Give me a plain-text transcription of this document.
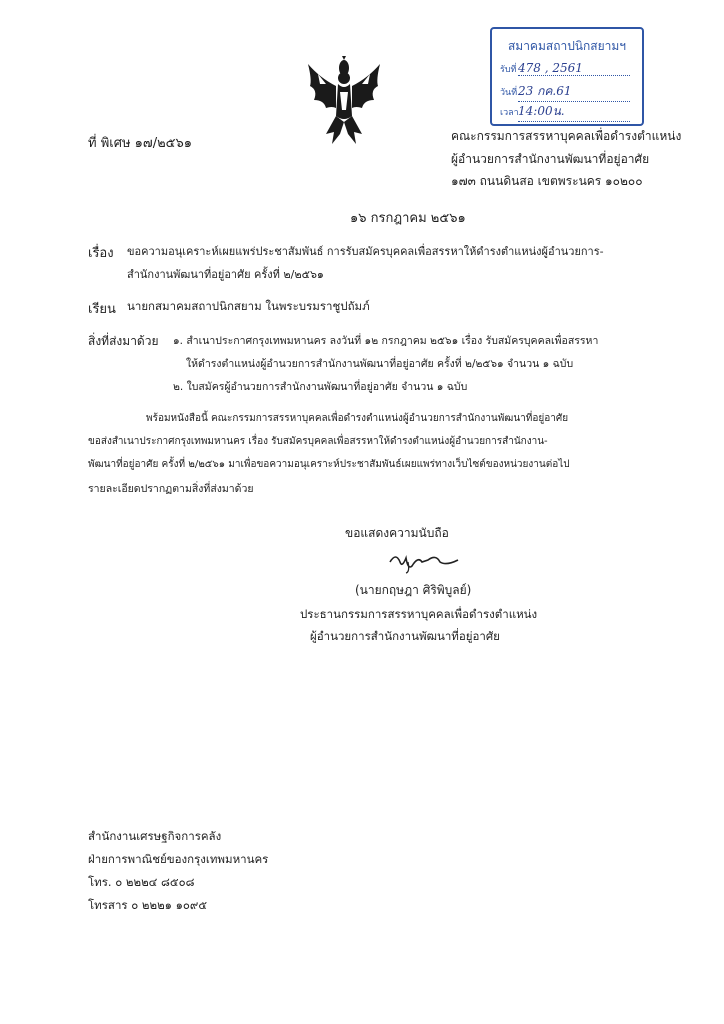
สมาคมสถาปนิกสยามฯ
รับที่ 478 , 2561
วันที่23 กค.61
เวลา14:00น.
ที่ พิเศษ ๑๗/๒๕๖๑	คณะกรรมการสรรหาบุคคลเพื่อดำรงตำแหน่ง
ผู้อำนวยการสำนักงานพัฒนาที่อยู่อาศัย
๑๗๓ ถนนดินสอ เขตพระนคร ๑๐๒๐๐
๑๖ กรกฎาคม ๒๕๖๑
เรื่อง ขอความอนุเคราะห์เผยแพร่ประชาสัมพันธ์ การรับสมัครบุคคลเพื่อสรรหาให้ดำรงตำแหน่งผู้อำนวยการ-
สำนักงานพัฒนาที่อยู่อาศัย ครั้งที่ ๒/๒๕๖๑
เรียน นายกสมาคมสถาปนิกสยาม ในพระบรมราชูปถัมภ์
สิ่งที่ส่งมาด้วย ๑. สำเนาประกาศกรุงเทพมหานคร ลงวันที่ ๑๒ กรกฎาคม ๒๕๖๑ เรื่อง รับสมัครบุคคลเพื่อสรรหา
ให้ดำรงตำแหน่งผู้อำนวยการสำนักงานพัฒนาที่อยู่อาศัย ครั้งที่ ๒/๒๕๖๑ จำนวน ๑ ฉบับ
๒. ใบสมัครผู้อำนวยการสำนักงานพัฒนาที่อยู่อาศัย จำนวน ๑ ฉบับ
พร้อมหนังสือนี้ คณะกรรมการสรรหาบุคคลเพื่อดำรงตำแหน่งผู้อำนวยการสำนักงานพัฒนาที่อยู่อาศัย
ขอส่งสำเนาประกาศกรุงเทพมหานคร เรื่อง รับสมัครบุคคลเพื่อสรรหาให้ดำรงตำแหน่งผู้อำนวยการสำนักงาน-
พัฒนาที่อยู่อาศัย ครั้งที่ ๒/๒๕๖๑ มาเพื่อขอความอนุเคราะห์ประชาสัมพันธ์เผยแพร่ทางเว็บไซต์ของหน่วยงานต่อไป
รายละเอียดปรากฏตามสิ่งที่ส่งมาด้วย
ขอแสดงความนับถือ
(นายกฤษฎา ศิริพิบูลย์)
ประธานกรรมการสรรหาบุคคลเพื่อดำรงตำแหน่ง
ผู้อำนวยการสำนักงานพัฒนาที่อยู่อาศัย
สำนักงานเศรษฐกิจการคลัง
ฝ่ายการพาณิชย์ของกรุงเทพมหานคร
โทร. ๐ ๒๒๒๔ ๘๕๐๘
โทรสาร ๐ ๒๒๒๑ ๑๐๙๕
